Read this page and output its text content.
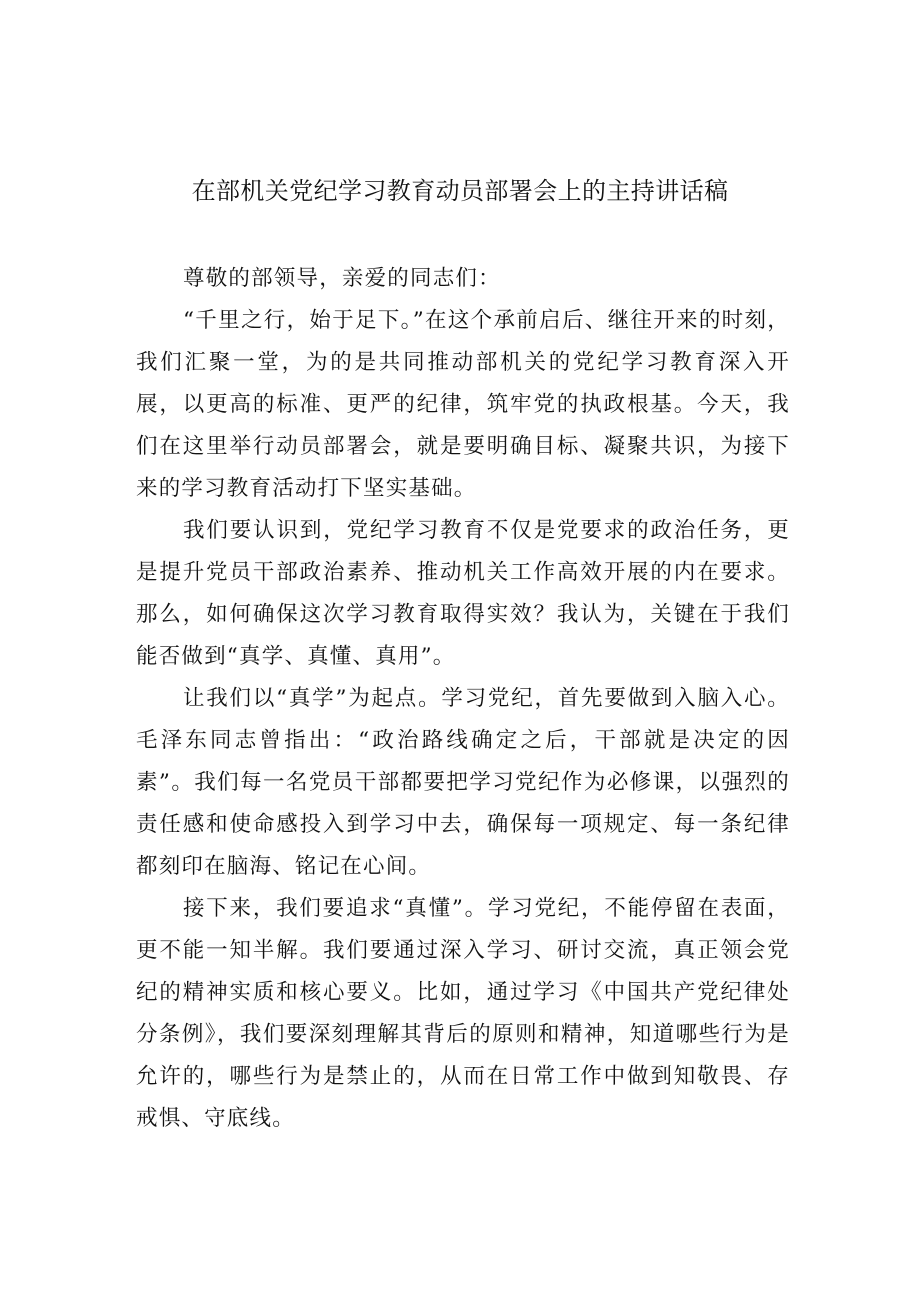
在部机关党纪学习教育动员部署会上的主持讲话稿

尊敬的部领导，亲爱的同志们：

“千里之行，始于足下。”在这个承前启后、继往开来的时刻，我们汇聚一堂，为的是共同推动部机关的党纪学习教育深入开展，以更高的标准、更严的纪律，筑牢党的执政根基。今天，我们在这里举行动员部署会，就是要明确目标、凝聚共识，为接下来的学习教育活动打下坚实基础。

我们要认识到，党纪学习教育不仅是党要求的政治任务，更是提升党员干部政治素养、推动机关工作高效开展的内在要求。那么，如何确保这次学习教育取得实效？我认为，关键在于我们能否做到“真学、真懂、真用”。

让我们以“真学”为起点。学习党纪，首先要做到入脑入心。毛泽东同志曾指出：“政治路线确定之后，干部就是决定的因素”。我们每一名党员干部都要把学习党纪作为必修课，以强烈的责任感和使命感投入到学习中去，确保每一项规定、每一条纪律都刻印在脑海、铭记在心间。

接下来，我们要追求“真懂”。学习党纪，不能停留在表面，更不能一知半解。我们要通过深入学习、研讨交流，真正领会党纪的精神实质和核心要义。比如，通过学习《中国共产党纪律处分条例》，我们要深刻理解其背后的原则和精神，知道哪些行为是允许的，哪些行为是禁止的，从而在日常工作中做到知敬畏、存戒惧、守底线。
